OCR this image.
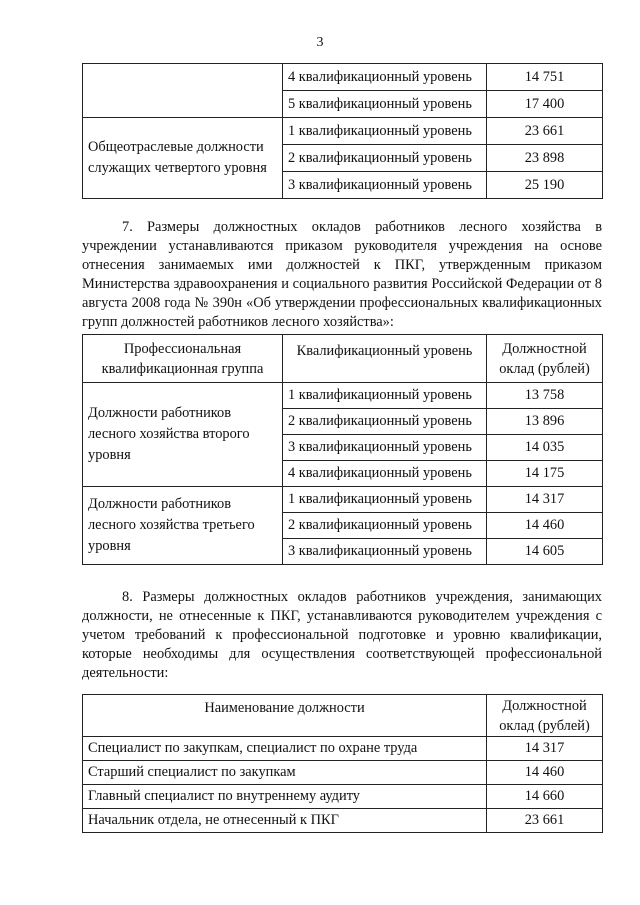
3
	4 квалификационный уровень	14 751
	5 квалификационный уровень	17 400
Общеотраслевые должности служащих четвертого уровня	1 квалификационный уровень	23 661
	2 квалификационный уровень	23 898
	3 квалификационный уровень	25 190

7. Размеры должностных окладов работников лесного хозяйства в учреждении устанавливаются приказом руководителя учреждения на основе отнесения занимаемых ими должностей к ПКГ, утвержденным приказом Министерства здравоохранения и социального развития Российской Федерации от 8 августа 2008 года № 390н «Об утверждении профессиональных квалификационных групп должностей работников лесного хозяйства»:

Профессиональная квалификационная группа	Квалификационный уровень	Должностной оклад (рублей)
Должности работников лесного хозяйства второго уровня	1 квалификационный уровень	13 758
	2 квалификационный уровень	13 896
	3 квалификационный уровень	14 035
	4 квалификационный уровень	14 175
Должности работников лесного хозяйства третьего уровня	1 квалификационный уровень	14 317
	2 квалификационный уровень	14 460
	3 квалификационный уровень	14 605

8. Размеры должностных окладов работников учреждения, занимающих должности, не отнесенные к ПКГ, устанавливаются руководителем учреждения с учетом требований к профессиональной подготовке и уровню квалификации, которые необходимы для осуществления соответствующей профессиональной деятельности:

Наименование должности	Должностной оклад (рублей)
Специалист по закупкам, специалист по охране труда	14 317
Старший специалист по закупкам	14 460
Главный специалист по внутреннему аудиту	14 660
Начальник отдела, не отнесенный к ПКГ	23 661
